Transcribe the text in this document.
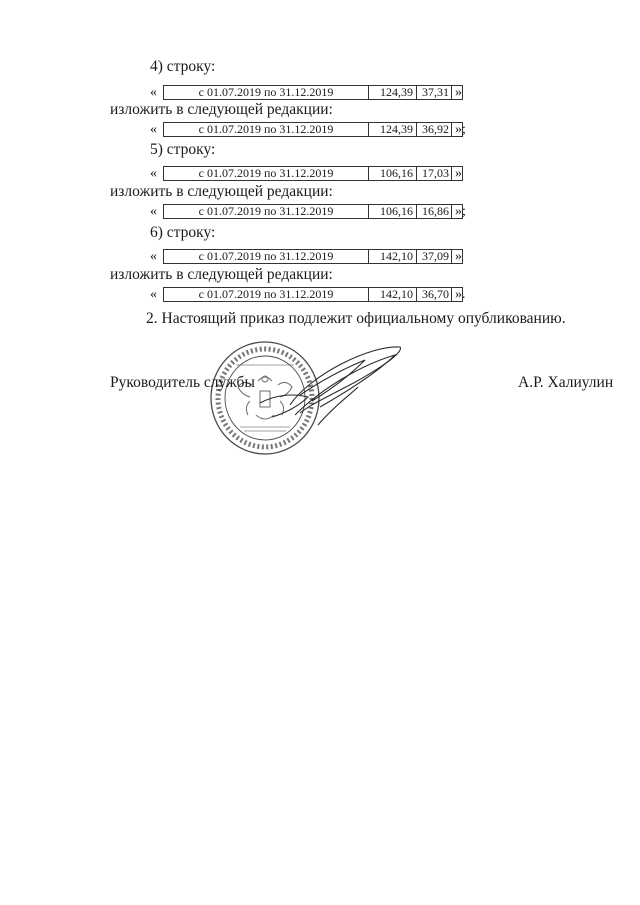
4) строку:
«	с 01.07.2019 по 31.12.2019	124,39 37,31 »
изложить в следующей редакции:
«	с 01.07.2019 по 31.12.2019	124,39 36,92 »;
5) строку:
«	с 01.07.2019 по 31.12.2019	106,16 17,03 »
изложить в следующей редакции:
«	с 01.07.2019 по 31.12.2019	106,16 16,86 »;
6) строку:
«	с 01.07.2019 по 31.12.2019	142,10 37,09 »
изложить в следующей редакции:
«	с 01.07.2019 по 31.12.2019	142,10 36,70 ».
2. Настоящий приказ подлежит официальному опубликованию.
Руководитель службы	А.Р. Халиулин
